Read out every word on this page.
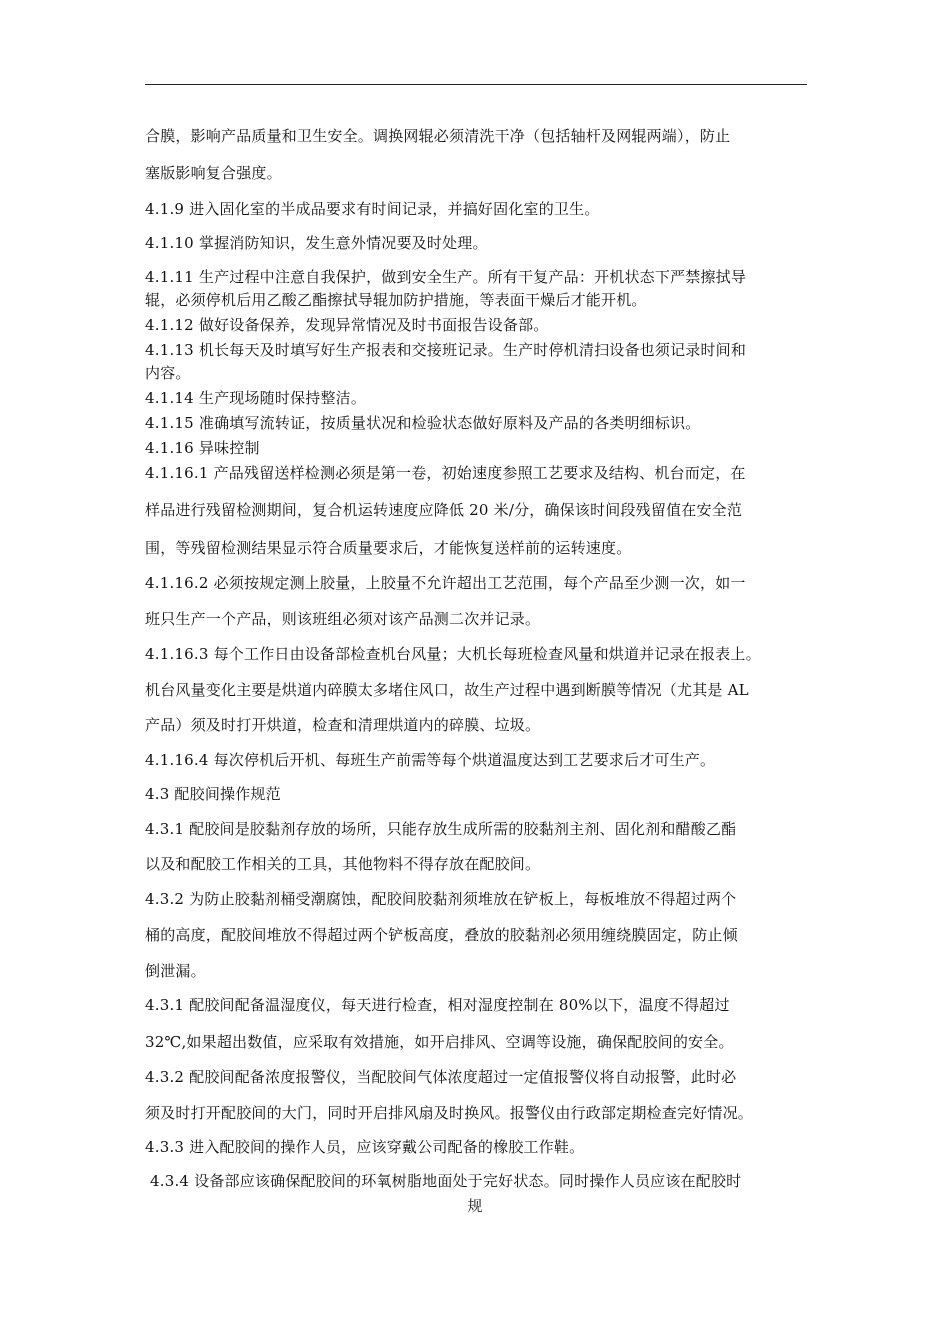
合膜，影响产品质量和卫生安全。调换网辊必须清洗干净（包括轴杆及网辊两端），防止
塞版影响复合强度。
4.1.9 进入固化室的半成品要求有时间记录，并搞好固化室的卫生。
4.1.10 掌握消防知识，发生意外情况要及时处理。
4.1.11 生产过程中注意自我保护，做到安全生产。所有干复产品：开机状态下严禁擦拭导
辊，必须停机后用乙酸乙酯擦拭导辊加防护措施，等表面干燥后才能开机。
4.1.12 做好设备保养，发现异常情况及时书面报告设备部。
4.1.13 机长每天及时填写好生产报表和交接班记录。生产时停机清扫设备也须记录时间和
内容。
4.1.14 生产现场随时保持整洁。
4.1.15 准确填写流转证，按质量状况和检验状态做好原料及产品的各类明细标识。
4.1.16 异味控制
4.1.16.1 产品残留送样检测必须是第一卷，初始速度参照工艺要求及结构、机台而定，在
样品进行残留检测期间，复合机运转速度应降低 20 米/分，确保该时间段残留值在安全范
围，等残留检测结果显示符合质量要求后，才能恢复送样前的运转速度。
4.1.16.2 必须按规定测上胶量，上胶量不允许超出工艺范围，每个产品至少测一次，如一
班只生产一个产品，则该班组必须对该产品测二次并记录。
4.1.16.3 每个工作日由设备部检查机台风量；大机长每班检查风量和烘道并记录在报表上。
机台风量变化主要是烘道内碎膜太多堵住风口，故生产过程中遇到断膜等情况（尤其是 AL
产品）须及时打开烘道，检查和清理烘道内的碎膜、垃圾。
4.1.16.4 每次停机后开机、每班生产前需等每个烘道温度达到工艺要求后才可生产。
4.3 配胶间操作规范
4.3.1 配胶间是胶黏剂存放的场所，只能存放生成所需的胶黏剂主剂、固化剂和醋酸乙酯
以及和配胶工作相关的工具，其他物料不得存放在配胶间。
4.3.2 为防止胶黏剂桶受潮腐蚀，配胶间胶黏剂须堆放在铲板上，每板堆放不得超过两个
桶的高度，配胶间堆放不得超过两个铲板高度，叠放的胶黏剂必须用缠绕膜固定，防止倾
倒泄漏。
4.3.1 配胶间配备温湿度仪，每天进行检查，相对湿度控制在 80%以下，温度不得超过
32℃,如果超出数值，应采取有效措施，如开启排风、空调等设施，确保配胶间的安全。
4.3.2 配胶间配备浓度报警仪，当配胶间气体浓度超过一定值报警仪将自动报警，此时必
须及时打开配胶间的大门，同时开启排风扇及时换风。报警仪由行政部定期检查完好情况。
4.3.3 进入配胶间的操作人员，应该穿戴公司配备的橡胶工作鞋。
4.3.4 设备部应该确保配胶间的环氧树脂地面处于完好状态。同时操作人员应该在配胶时
规
